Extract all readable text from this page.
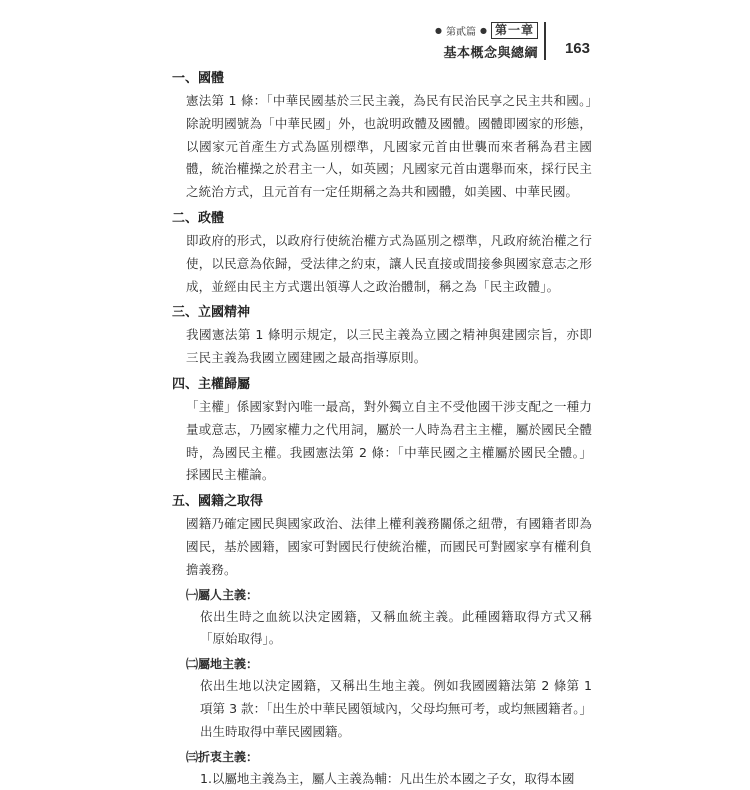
● 第貳篇 ● 第一章
基本概念與總綱 163

一、國體

憲法第 1 條：「中華民國基於三民主義，為民有民治民享之民主共和國。」除說明國號為「中華民國」外，也說明政體及國體。國體即國家的形態，以國家元首產生方式為區別標準，凡國家元首由世襲而來者稱為君主國體，統治權操之於君主一人，如英國；凡國家元首由選舉而來，採行民主之統治方式，且元首有一定任期稱之為共和國體，如美國、中華民國。

二、政體

即政府的形式，以政府行使統治權方式為區別之標準，凡政府統治權之行使，以民意為依歸，受法律之約束，讓人民直接或間接參與國家意志之形成，並經由民主方式選出領導人之政治體制，稱之為「民主政體」。

三、立國精神

我國憲法第 1 條明示規定，以三民主義為立國之精神與建國宗旨，亦即三民主義為我國立國建國之最高指導原則。

四、主權歸屬

「主權」係國家對內唯一最高，對外獨立自主不受他國干涉支配之一種力量或意志，乃國家權力之代用詞，屬於一人時為君主主權，屬於國民全體時，為國民主權。我國憲法第 2 條：「中華民國之主權屬於國民全體。」採國民主權論。

五、國籍之取得

國籍乃確定國民與國家政治、法律上權利義務關係之紐帶，有國籍者即為國民，基於國籍，國家可對國民行使統治權，而國民可對國家享有權利負擔義務。

㈠屬人主義：

依出生時之血統以決定國籍，又稱血統主義。此種國籍取得方式又稱「原始取得」。

㈡屬地主義：

依出生地以決定國籍，又稱出生地主義。例如我國國籍法第 2 條第 1 項第 3 款：「出生於中華民國領域內，父母均無可考，或均無國籍者。」出生時取得中華民國國籍。

㈢折衷主義：

1.以屬地主義為主，屬人主義為輔：凡出生於本國之子女，取得本國
